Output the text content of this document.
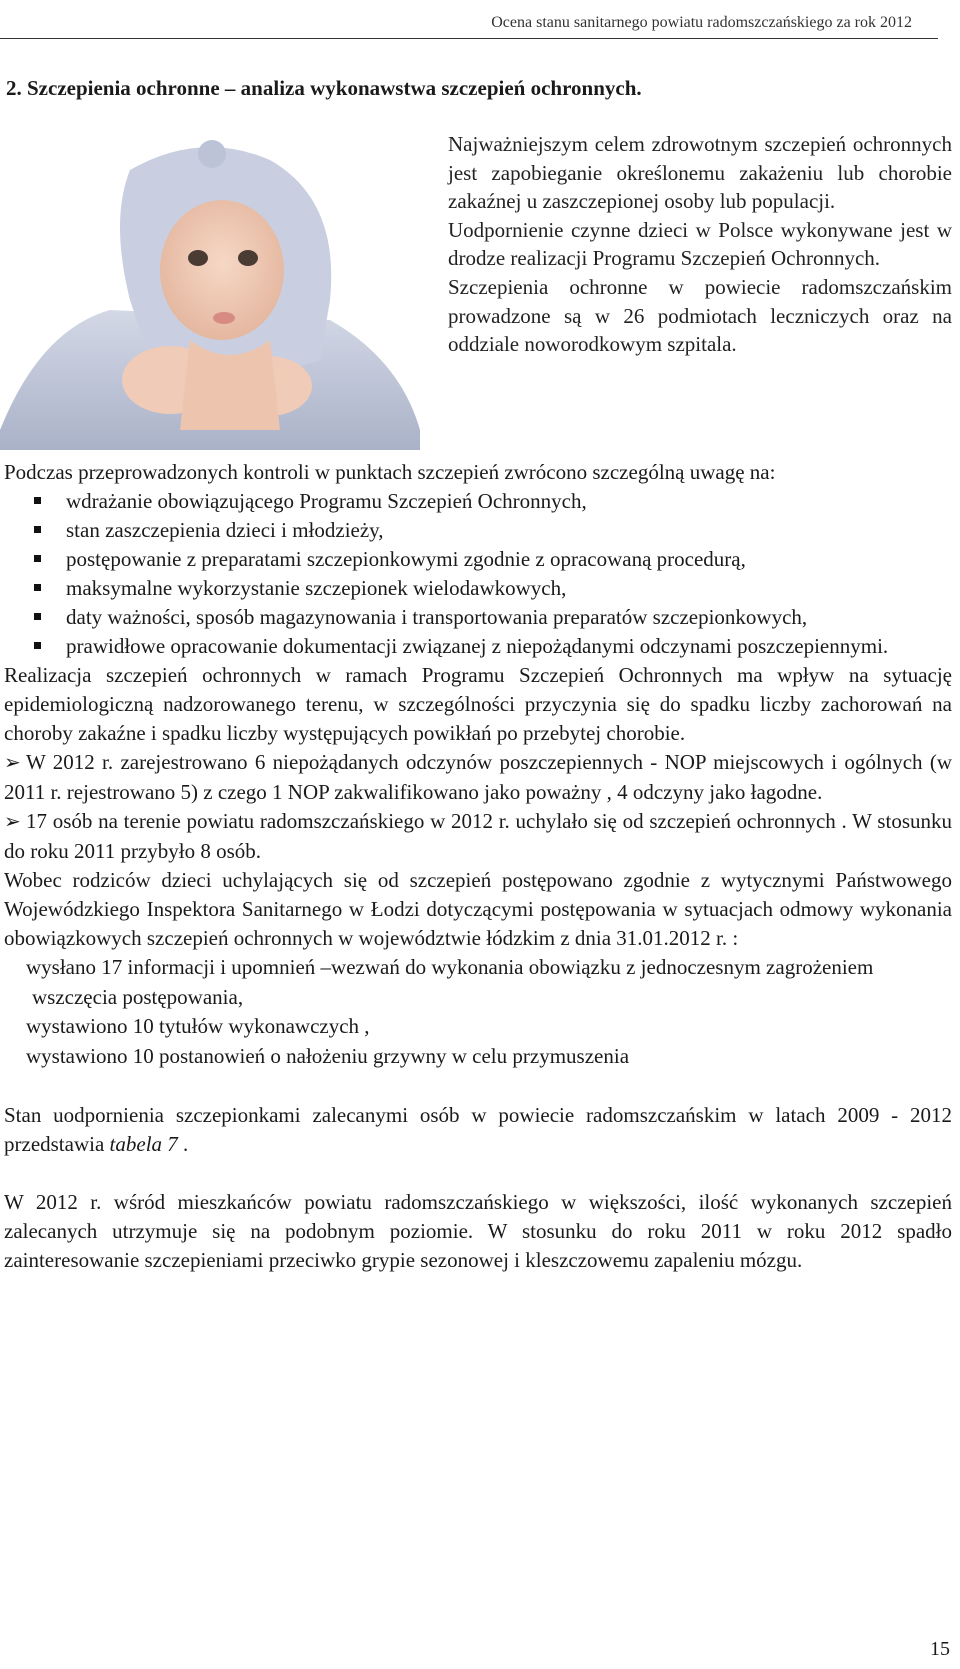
Ocena stanu sanitarnego powiatu radomszczańskiego za rok 2012
2. Szczepienia ochronne – analiza wykonawstwa szczepień ochronnych.

Najważniejszym celem zdrowotnym szczepień ochronnych jest zapobieganie określonemu zakażeniu lub chorobie zakaźnej u zaszczepionej osoby lub populacji.

Uodpornienie czynne dzieci w Polsce wykonywane jest w drodze realizacji Programu Szczepień Ochronnych.

Szczepienia ochronne w powiecie radomszczańskim prowadzone są w 26 podmiotach leczniczych oraz na oddziale noworodkowym szpitala.

Podczas przeprowadzonych kontroli w punktach szczepień zwrócono szczególną uwagę na:

wdrażanie obowiązującego Programu Szczepień Ochronnych,
stan zaszczepienia dzieci i młodzieży,
postępowanie z preparatami szczepionkowymi zgodnie z opracowaną procedurą,
maksymalne wykorzystanie szczepionek wielodawkowych,
daty ważności, sposób magazynowania i transportowania preparatów szczepionkowych,
prawidłowe opracowanie dokumentacji związanej z niepożądanymi odczynami poszczepiennymi.

Realizacja szczepień ochronnych w ramach Programu Szczepień Ochronnych ma wpływ na sytuację epidemiologiczną nadzorowanego terenu, w szczególności przyczynia się do spadku liczby zachorowań na choroby zakaźne i spadku liczby występujących powikłań po przebytej chorobie.

➢ W 2012 r. zarejestrowano 6 niepożądanych odczynów poszczepiennych - NOP miejscowych i ogólnych (w 2011 r. rejestrowano 5) z czego 1 NOP zakwalifikowano jako poważny , 4 odczyny jako łagodne.

➢ 17 osób na terenie powiatu radomszczańskiego w 2012 r. uchylało się od szczepień ochronnych . W stosunku do roku 2011 przybyło 8 osób.

Wobec rodziców dzieci uchylających się od szczepień postępowano zgodnie z wytycznymi Państwowego Wojewódzkiego Inspektora Sanitarnego w Łodzi dotyczącymi postępowania w sytuacjach odmowy wykonania obowiązkowych szczepień ochronnych w województwie łódzkim z dnia 31.01.2012 r. :

wysłano 17 informacji i upomnień –wezwań do wykonania obowiązku z jednoczesnym zagrożeniem wszczęcia postępowania,
wystawiono 10 tytułów wykonawczych ,
wystawiono 10 postanowień o nałożeniu grzywny w celu przymuszenia

Stan uodpornienia szczepionkami zalecanymi osób w powiecie radomszczańskim w latach 2009 - 2012 przedstawia tabela 7 .

W 2012 r. wśród mieszkańców powiatu radomszczańskiego w większości, ilość wykonanych szczepień zalecanych utrzymuje się na podobnym poziomie. W stosunku do roku 2011 w roku 2012 spadło zainteresowanie szczepieniami przeciwko grypie sezonowej i kleszczowemu zapaleniu mózgu.

15
